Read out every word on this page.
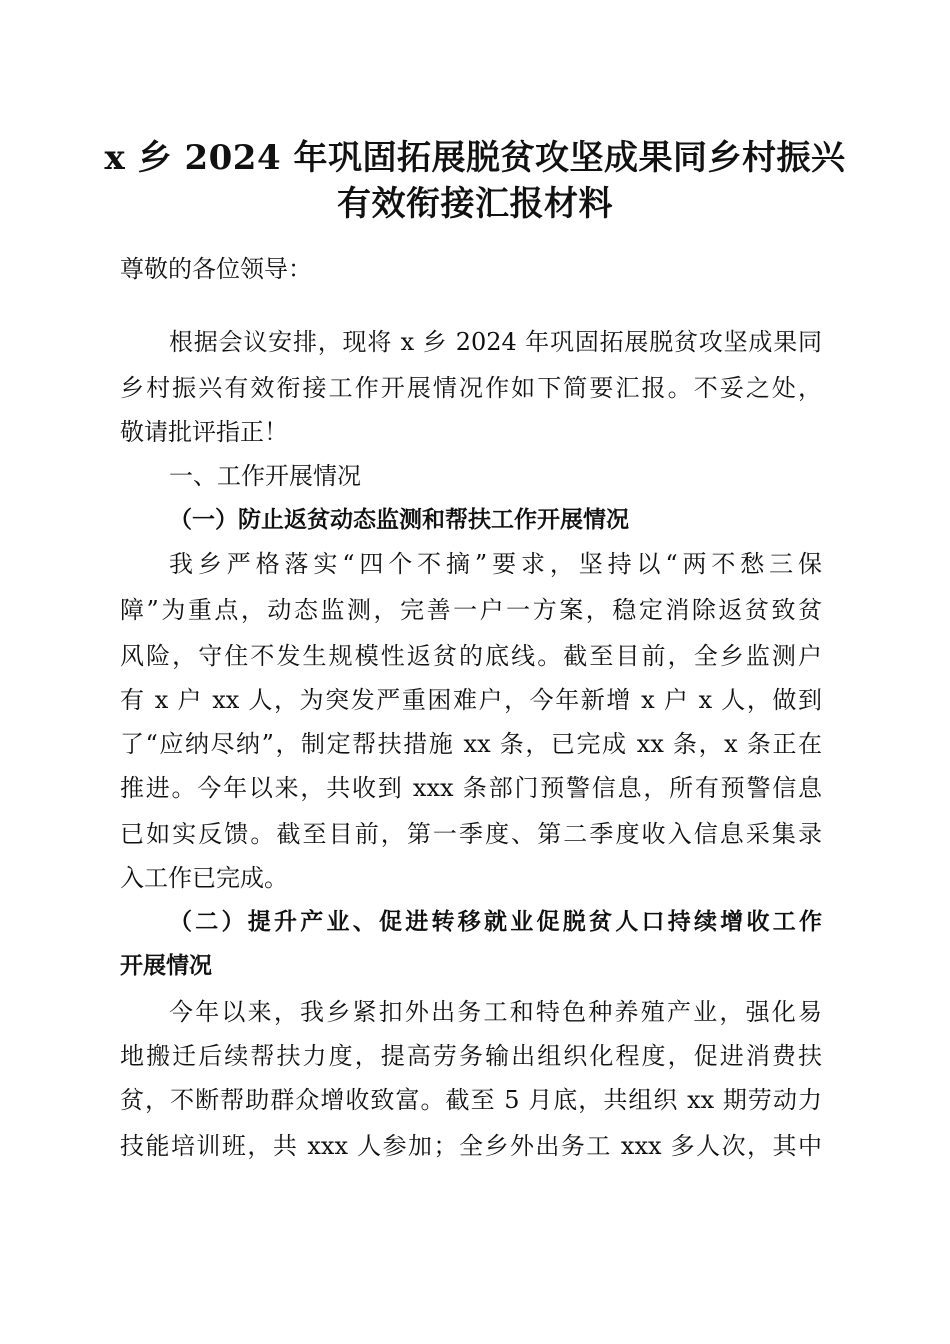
x 乡 2024 年巩固拓展脱贫攻坚成果同乡村振兴
有效衔接汇报材料
尊敬的各位领导：
根据会议安排，现将 x 乡 2024 年巩固拓展脱贫攻坚成果同
乡村振兴有效衔接工作开展情况作如下简要汇报。不妥之处，
敬请批评指正！
一、工作开展情况
（一）防止返贫动态监测和帮扶工作开展情况
我乡严格落实“四个不摘”要求，坚持以“两不愁三保
障”为重点，动态监测，完善一户一方案，稳定消除返贫致贫
风险，守住不发生规模性返贫的底线。截至目前，全乡监测户
有 x 户 xx 人，为突发严重困难户，今年新增 x 户 x 人，做到
了“应纳尽纳”，制定帮扶措施 xx 条，已完成 xx 条，x 条正在
推进。今年以来，共收到 xxx 条部门预警信息，所有预警信息
已如实反馈。截至目前，第一季度、第二季度收入信息采集录
入工作已完成。
（二）提升产业、促进转移就业促脱贫人口持续增收工作
开展情况
今年以来，我乡紧扣外出务工和特色种养殖产业，强化易
地搬迁后续帮扶力度，提高劳务输出组织化程度，促进消费扶
贫，不断帮助群众增收致富。截至 5 月底，共组织 xx 期劳动力
技能培训班，共 xxx 人参加；全乡外出务工 xxx 多人次，其中
